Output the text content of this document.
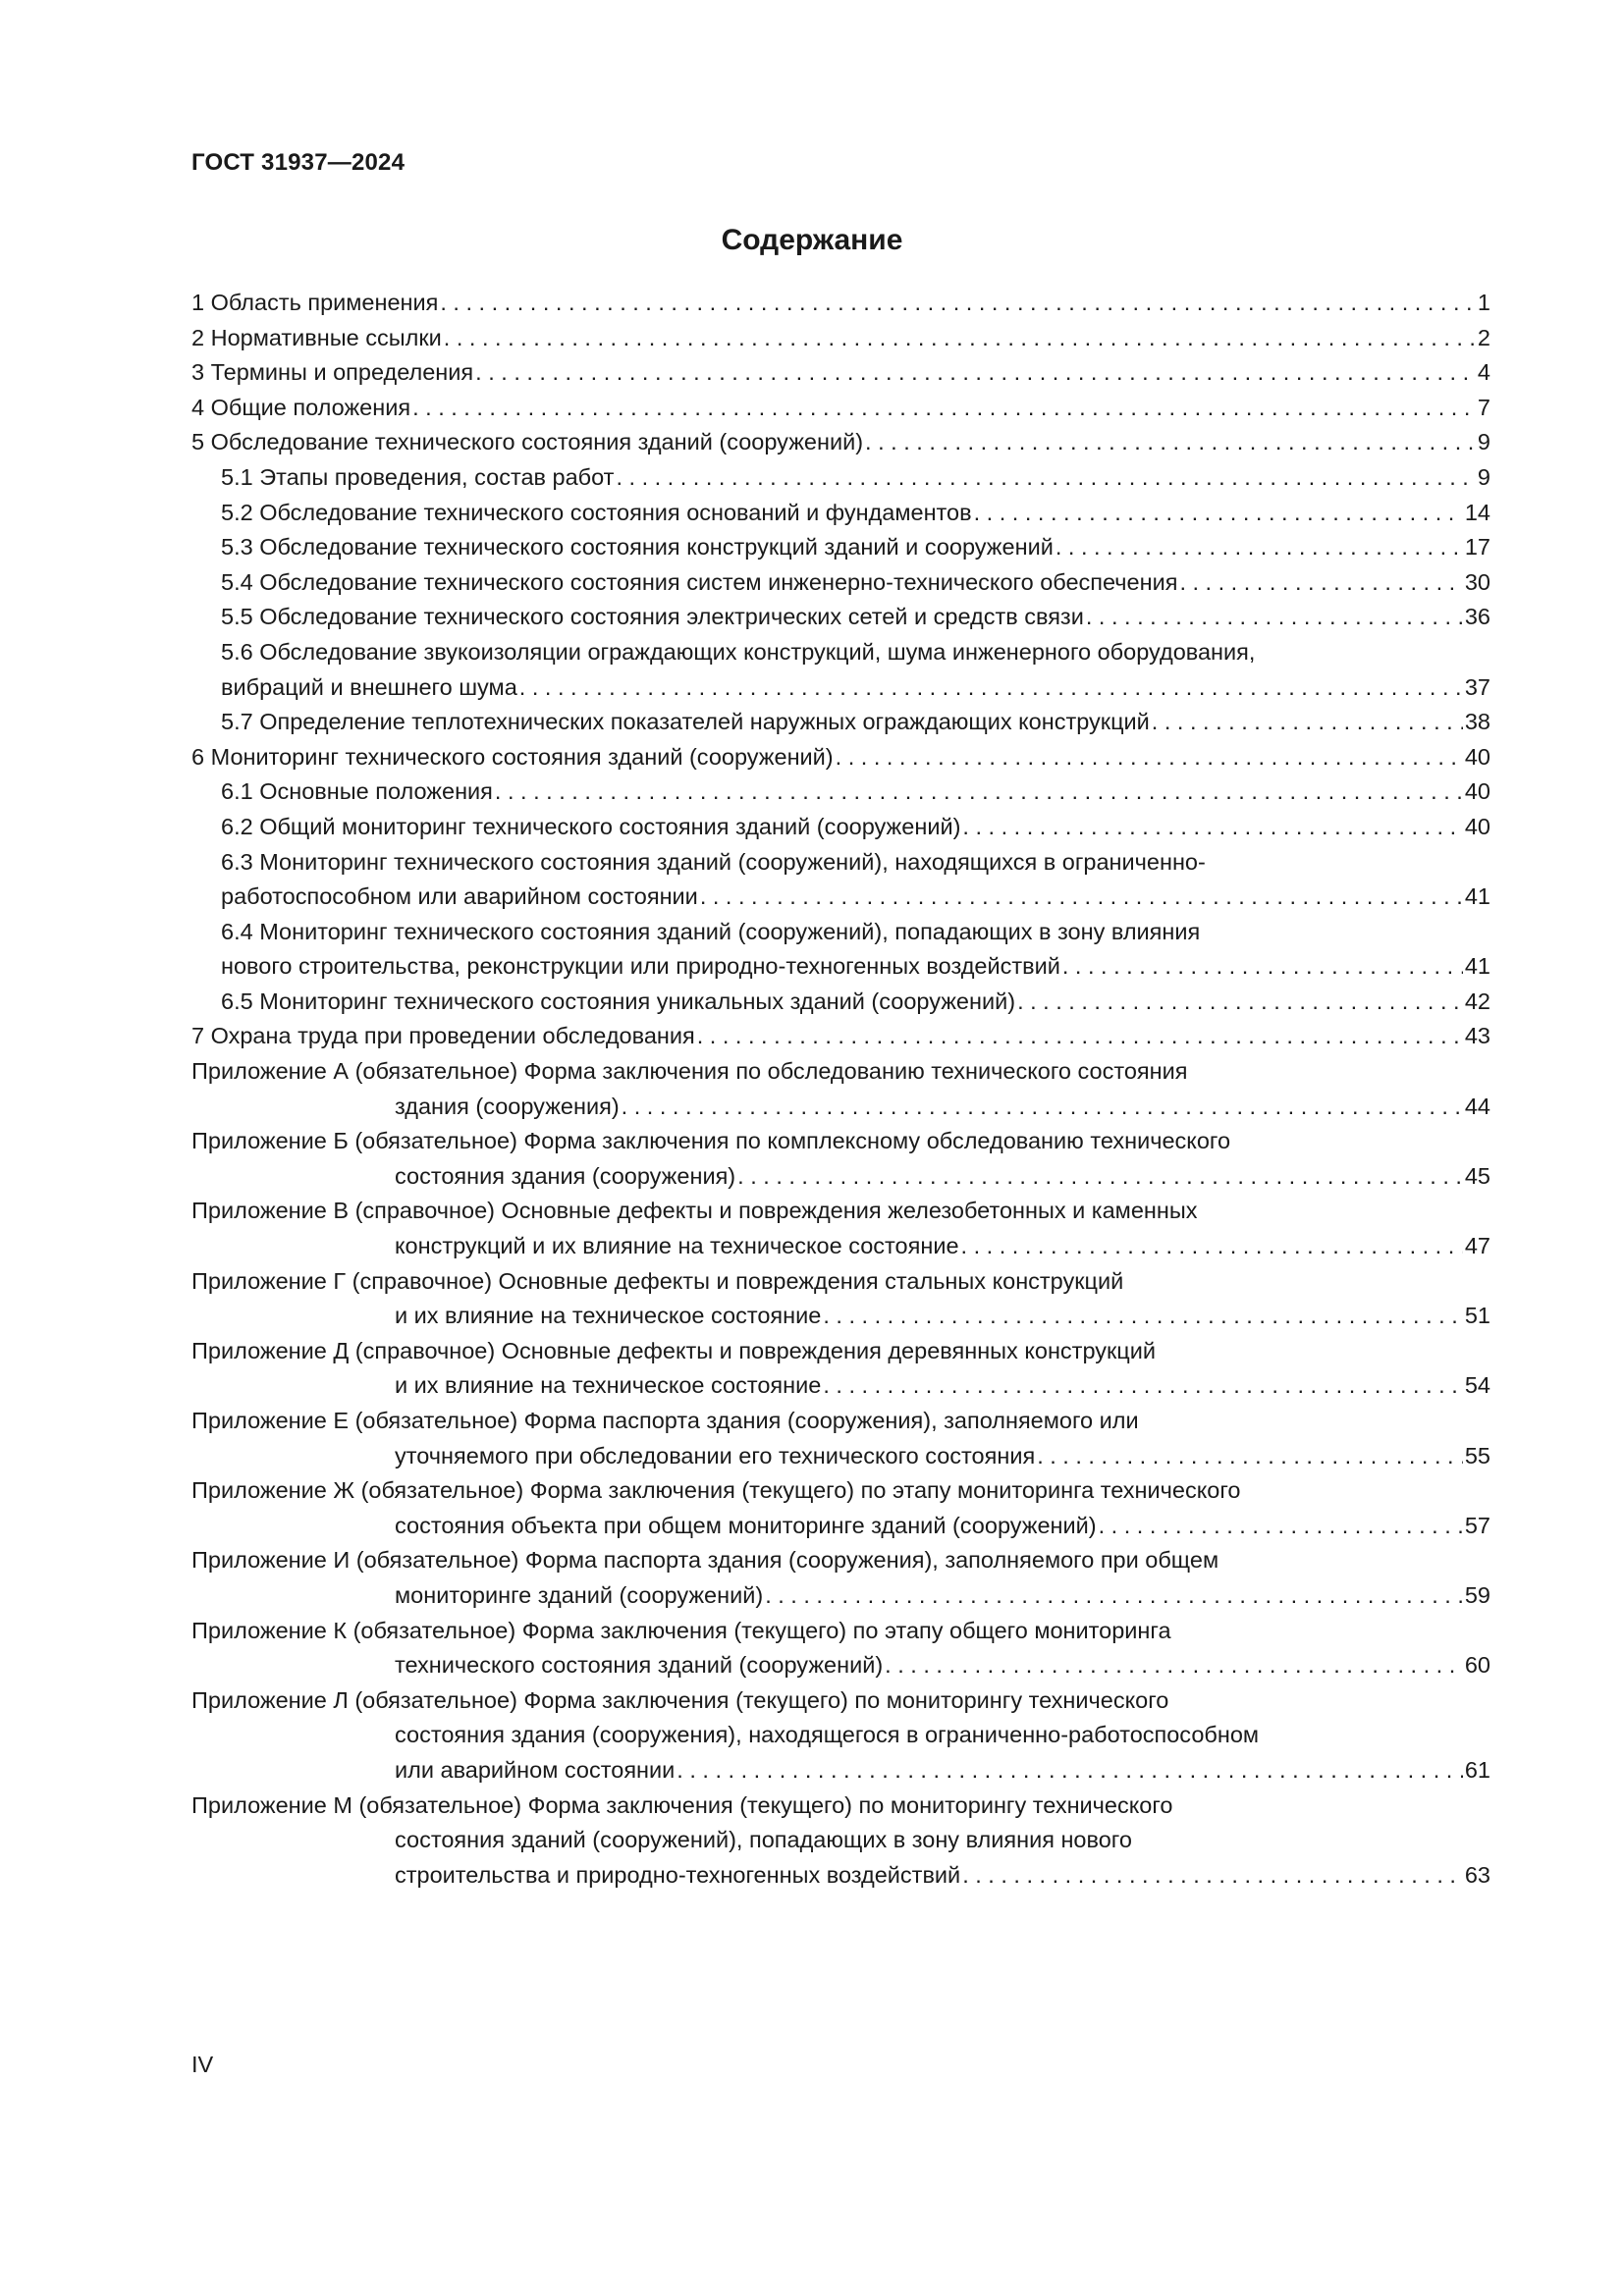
ГОСТ 31937—2024
Содержание
1 Область применения . . .	1
2 Нормативные ссылки . . .	2
3 Термины и определения . . .	4
4 Общие положения . . .	7
5 Обследование технического состояния зданий (сооружений) . . .	9
5.1 Этапы проведения, состав работ . . .	9
5.2 Обследование технического состояния оснований и фундаментов . . .	14
5.3 Обследование технического состояния конструкций зданий и сооружений . . .	17
5.4 Обследование технического состояния систем инженерно-технического обеспечения . . .	30
5.5 Обследование технического состояния электрических сетей и средств связи . . .	36
5.6 Обследование звукоизоляции ограждающих конструкций, шума инженерного оборудования,
вибраций и внешнего шума . . .	37
5.7 Определение теплотехнических показателей наружных ограждающих конструкций . . .	38
6 Мониторинг технического состояния зданий (сооружений) . . .	40
6.1 Основные положения . . .	40
6.2 Общий мониторинг технического состояния зданий (сооружений) . . .	40
6.3 Мониторинг технического состояния зданий (сооружений), находящихся в ограниченно-
работоспособном или аварийном состоянии . . .	41
6.4 Мониторинг технического состояния зданий (сооружений), попадающих в зону влияния
нового строительства, реконструкции или природно-техногенных воздействий . . .	41
6.5 Мониторинг технического состояния уникальных зданий (сооружений) . . .	42
7 Охрана труда при проведении обследования . . .	43
Приложение А (обязательное) Форма заключения по обследованию технического состояния
здания (сооружения) . . .	44
Приложение Б (обязательное) Форма заключения по комплексному обследованию технического
состояния здания (сооружения) . . .	45
Приложение В (справочное) Основные дефекты и повреждения железобетонных и каменных
конструкций и их влияние на техническое состояние . . .	47
Приложение Г (справочное) Основные дефекты и повреждения стальных конструкций
и их влияние на техническое состояние . . .	51
Приложение Д (справочное) Основные дефекты и повреждения деревянных конструкций
и их влияние на техническое состояние . . .	54
Приложение Е (обязательное) Форма паспорта здания (сооружения), заполняемого или
уточняемого при обследовании его технического состояния . . .	55
Приложение Ж (обязательное) Форма заключения (текущего) по этапу мониторинга технического
состояния объекта при общем мониторинге зданий (сооружений) . . .	57
Приложение И (обязательное) Форма паспорта здания (сооружения), заполняемого при общем
мониторинге зданий (сооружений) . . .	59
Приложение К (обязательное) Форма заключения (текущего) по этапу общего мониторинга
технического состояния зданий (сооружений) . . .	60
Приложение Л (обязательное) Форма заключения (текущего) по мониторингу технического
состояния здания (сооружения), находящегося в ограниченно-работоспособном
или аварийном состоянии . . .	61
Приложение М (обязательное) Форма заключения (текущего) по мониторингу технического
состояния зданий (сооружений), попадающих в зону влияния нового
строительства и природно-техногенных воздействий . . .	63
IV
